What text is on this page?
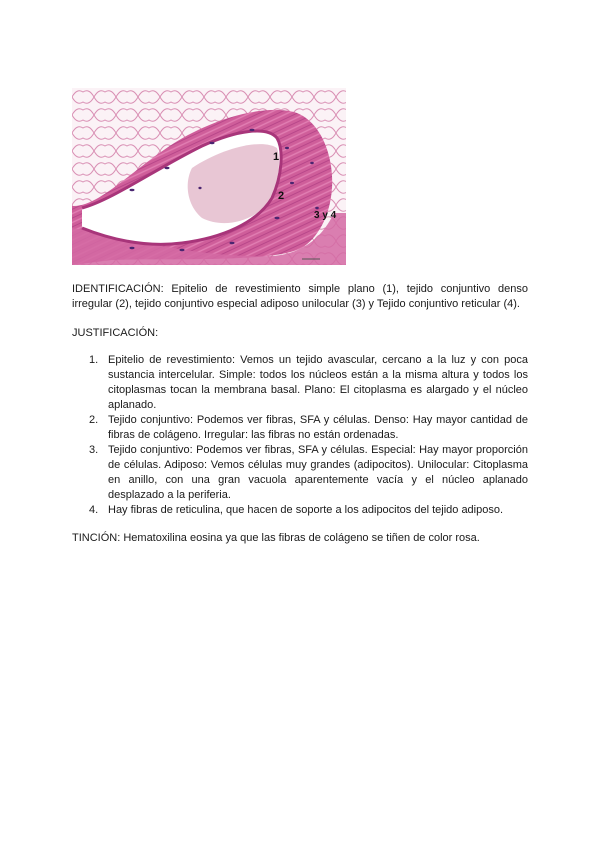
1
2
3 y 4

IDENTIFICACIÓN: Epitelio de revestimiento simple plano (1), tejido conjuntivo denso irregular (2), tejido conjuntivo especial adiposo unilocular (3) y Tejido conjuntivo reticular (4).

JUSTIFICACIÓN:

1. Epitelio de revestimiento: Vemos un tejido avascular, cercano a la luz y con poca sustancia intercelular. Simple: todos los núcleos están a la misma altura y todos los citoplasmas tocan la membrana basal. Plano: El citoplasma es alargado y el núcleo aplanado.
2. Tejido conjuntivo: Podemos ver fibras, SFA y células. Denso: Hay mayor cantidad de fibras de colágeno. Irregular: las fibras no están ordenadas.
3. Tejido conjuntivo: Podemos ver fibras, SFA y células. Especial: Hay mayor proporción de células. Adiposo: Vemos células muy grandes (adipocitos). Unilocular: Citoplasma en anillo, con una gran vacuola aparentemente vacía y el núcleo aplanado desplazado a la periferia.
4. Hay fibras de reticulina, que hacen de soporte a los adipocitos del tejido adiposo.

TINCIÓN: Hematoxilina eosina ya que las fibras de colágeno se tiñen de color rosa.
